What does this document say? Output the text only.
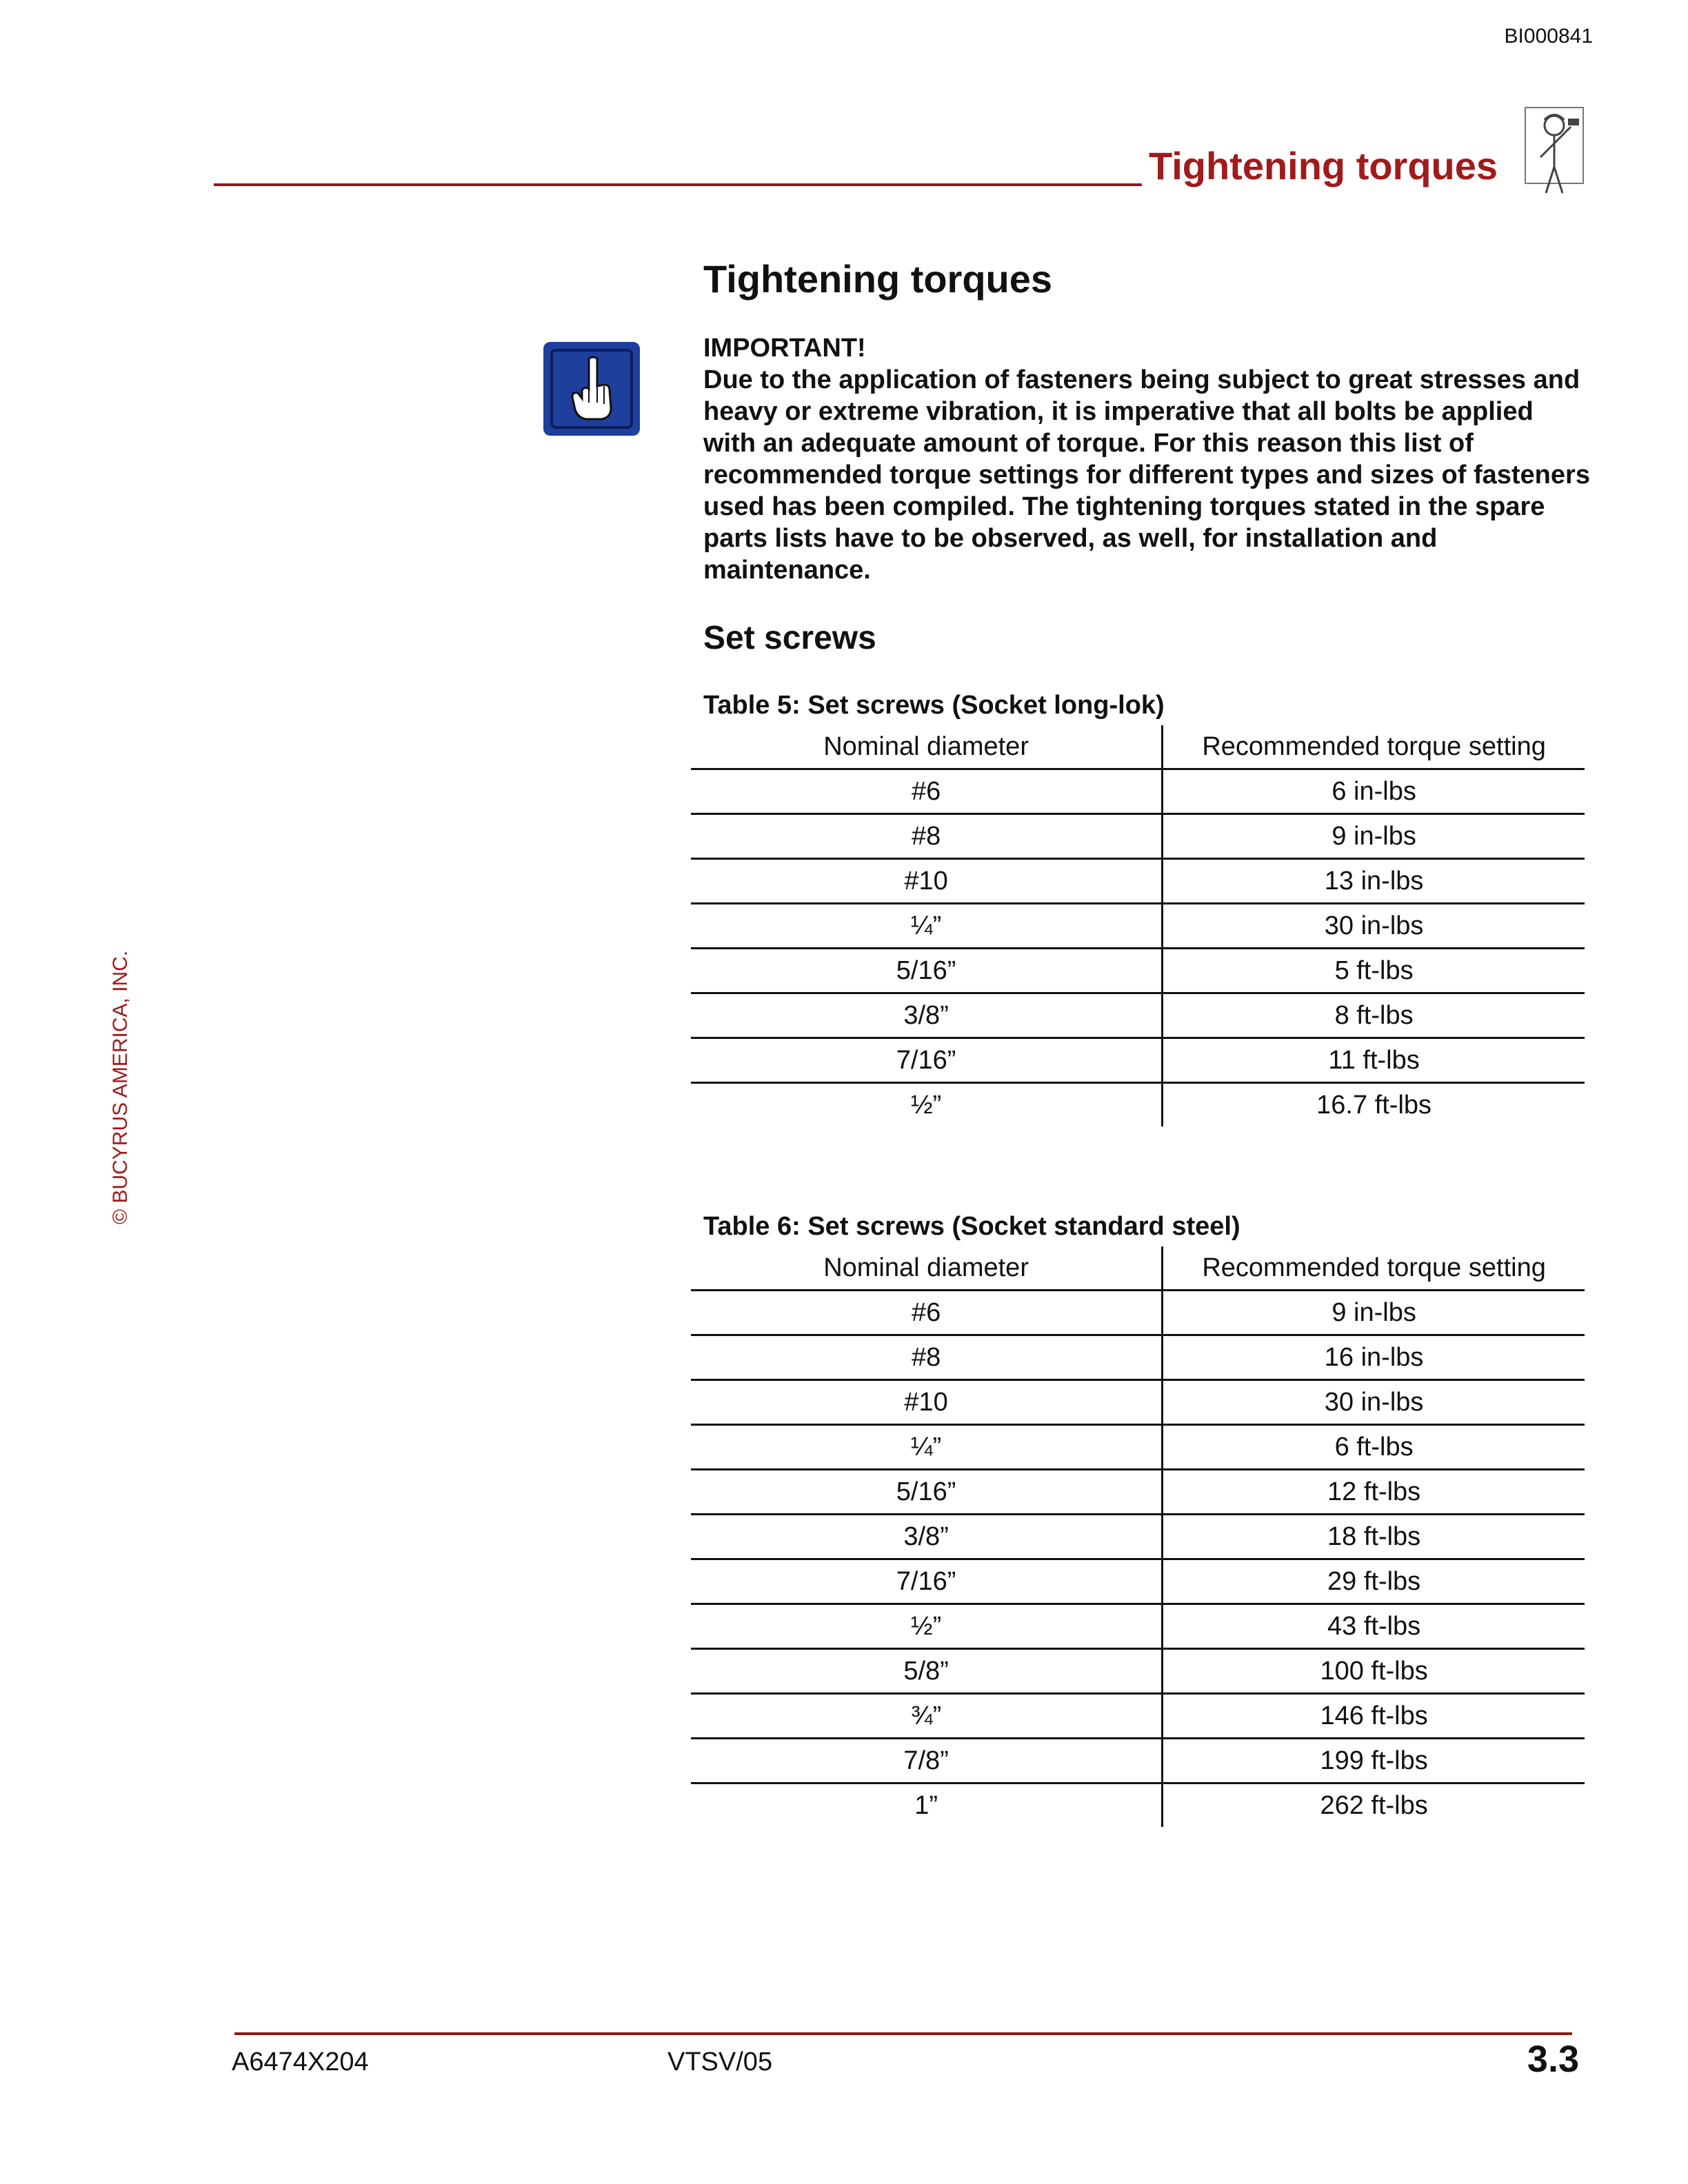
BI000841
Tightening torques
© BUCYRUS AMERICA, INC.
Tightening torques
IMPORTANT!
Due to the application of fasteners being subject to great stresses and heavy or extreme vibration, it is imperative that all bolts be applied with an adequate amount of torque. For this reason this list of recommended torque settings for different types and sizes of fasteners used has been compiled. The tightening torques stated in the spare parts lists have to be observed, as well, for installation and maintenance.
Set screws
Table 5: Set screws (Socket long-lok)
Nominal diameter	Recommended torque setting
#6	6 in-lbs
#8	9 in-lbs
#10	13 in-lbs
¼”	30 in-lbs
5/16”	5 ft-lbs
3/8”	8 ft-lbs
7/16”	11 ft-lbs
½”	16.7 ft-lbs
Table 6: Set screws (Socket standard steel)
Nominal diameter	Recommended torque setting
#6	9 in-lbs
#8	16 in-lbs
#10	30 in-lbs
¼”	6 ft-lbs
5/16”	12 ft-lbs
3/8”	18 ft-lbs
7/16”	29 ft-lbs
½”	43 ft-lbs
5/8”	100 ft-lbs
¾”	146 ft-lbs
7/8”	199 ft-lbs
1”	262 ft-lbs
A6474X204	VTSV/05	3.3
